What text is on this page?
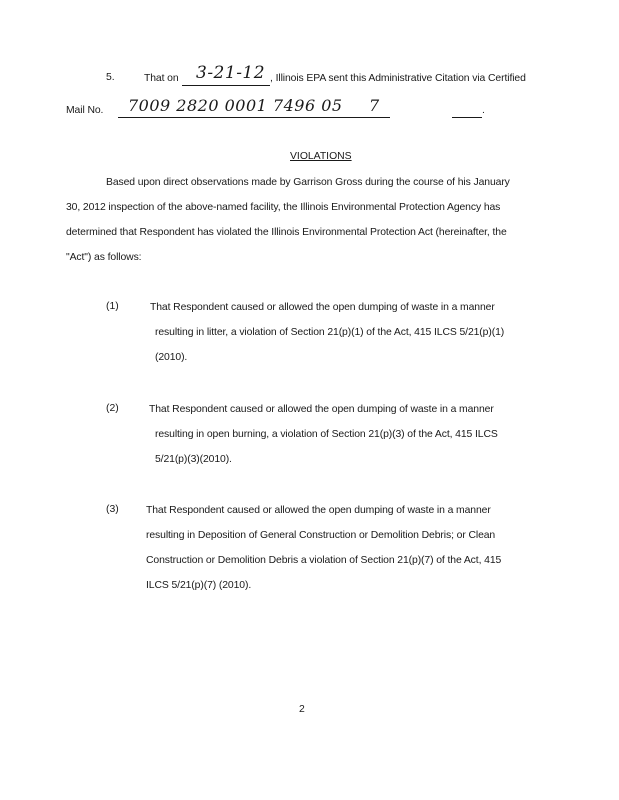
5.	That on 3-21-12 , Illinois EPA sent this Administrative Citation via Certified
Mail No. 7009 2820 0001 7496 05 7	.
VIOLATIONS
Based upon direct observations made by Garrison Gross during the course of his January
30, 2012 inspection of the above-named facility, the Illinois Environmental Protection Agency has
determined that Respondent has violated the Illinois Environmental Protection Act (hereinafter, the
"Act") as follows:
(1)	That Respondent caused or allowed the open dumping of waste in a manner
resulting in litter, a violation of Section 21(p)(1) of the Act, 415 ILCS 5/21(p)(1)
(2010).
(2)	That Respondent caused or allowed the open dumping of waste in a manner
resulting in open burning, a violation of Section 21(p)(3) of the Act, 415 ILCS
5/21(p)(3)(2010).
(3)	That Respondent caused or allowed the open dumping of waste in a manner
resulting in Deposition of General Construction or Demolition Debris; or Clean
Construction or Demolition Debris a violation of Section 21(p)(7) of the Act, 415
ILCS 5/21(p)(7) (2010).
2
